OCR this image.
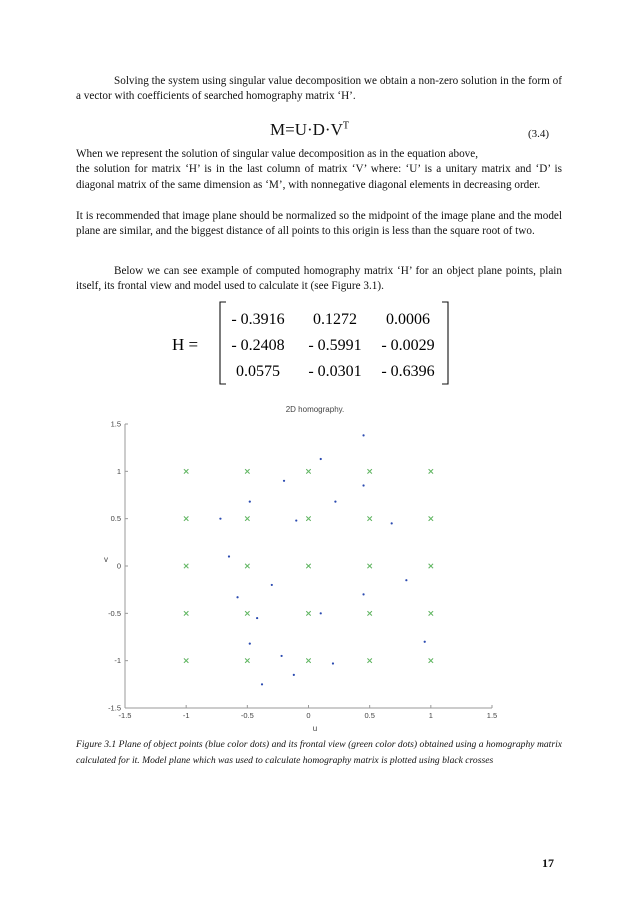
Solving the system using singular value decomposition we obtain a non-zero solution in the form of a vector with coefficients of searched homography matrix ‘H’.

$M=U\cdot D\cdot V^T$
(3.4)
When we represent the solution of singular value decomposition as in the equation above,
the solution for matrix ‘H’ is in the last column of matrix ‘V’ where: ‘U’ is a unitary matrix and ‘D’ is diagonal matrix of the same dimension as ‘M’, with nonnegative diagonal elements in decreasing order.

It is recommended that image plane should be normalized so the midpoint of the image plane and the model plane are similar, and the biggest distance of all points to this origin is less than the square root of two.

Below we can see example of computed homography matrix ‘H’ for an object plane points, plain itself, its frontal view and model used to calculate it (see Figure 3.1).

H =
- 0.3916 0.1272 0.0006
- 0.2408 - 0.5991 - 0.0029
0.0575 - 0.0301 - 0.6396
2D homography.
u
v
-1.5	-1	-0.5	0	0.5	1	1.5
1.5
1
0.5
0
-0.5
-1
-1.5

Figure 3.1 Plane of object points (blue color dots) and its frontal view (green color dots) obtained using a homography matrix calculated for it. Model plane which was used to calculate homography matrix is plotted using black crosses

17
